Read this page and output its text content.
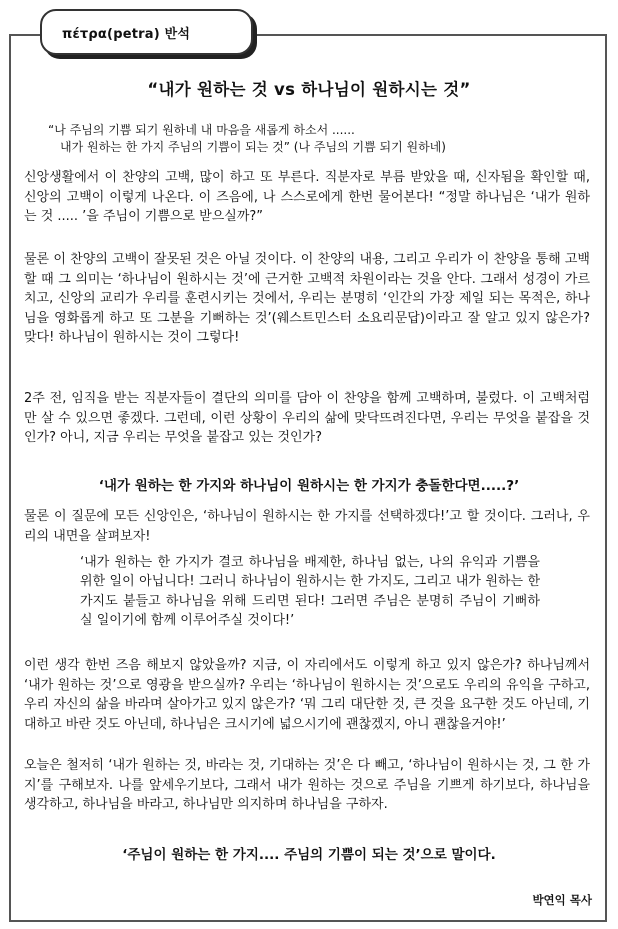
πέτρα(petra) 반석
“내가 원하는 것 vs 하나님이 원하시는 것”
“나 주님의 기쁨 되기 원하네 내 마음을 새롭게 하소서 ......
내가 원하는 한 가지 주님의 기쁨이 되는 것” (나 주님의 기쁨 되기 원하네)
신앙생활에서 이 찬양의 고백, 많이 하고 또 부른다. 직분자로 부름 받았을 때, 신자됨을 확인할 때, 신앙의 고백이 이렇게 나온다. 이 즈음에, 나 스스로에게 한번 물어본다! “정말 하나님은 ‘내가 원하는 것 ..... ’을 주님이 기쁨으로 받으실까?”
물론 이 찬양의 고백이 잘못된 것은 아닐 것이다. 이 찬양의 내용, 그리고 우리가 이 찬양을 통해 고백할 때 그 의미는 ‘하나님이 원하시는 것’에 근거한 고백적 차원이라는 것을 안다. 그래서 성경이 가르치고, 신앙의 교리가 우리를 훈련시키는 것에서, 우리는 분명히 ‘인간의 가장 제일 되는 목적은, 하나님을 영화롭게 하고 또 그분을 기뻐하는 것’(웨스트민스터 소요리문답)이라고 잘 알고 있지 않은가? 맞다! 하나님이 원하시는 것이 그렇다!
2주 전, 임직을 받는 직분자들이 결단의 의미를 담아 이 찬양을 함께 고백하며, 불렀다. 이 고백처럼만 살 수 있으면 좋겠다. 그런데, 이런 상황이 우리의 삶에 맞닥뜨려진다면, 우리는 무엇을 붙잡을 것인가? 아니, 지금 우리는 무엇을 붙잡고 있는 것인가?
‘내가 원하는 한 가지와 하나님이 원하시는 한 가지가 충돌한다면.....?’
물론 이 질문에 모든 신앙인은, ‘하나님이 원하시는 한 가지를 선택하겠다!’고 할 것이다. 그러나, 우리의 내면을 살펴보자!
‘내가 원하는 한 가지가 결코 하나님을 배제한, 하나님 없는, 나의 유익과 기쁨을 위한 일이 아닙니다! 그러니 하나님이 원하시는 한 가지도, 그리고 내가 원하는 한 가지도 붙들고 하나님을 위해 드리면 된다! 그러면 주님은 분명히 주님이 기뻐하실 일이기에 함께 이루어주실 것이다!’
이런 생각 한번 즈음 해보지 않았을까? 지금, 이 자리에서도 이렇게 하고 있지 않은가? 하나님께서 ‘내가 원하는 것’으로 영광을 받으실까? 우리는 ‘하나님이 원하시는 것’으로도 우리의 유익을 구하고, 우리 자신의 삶을 바라며 살아가고 있지 않은가? ‘뭐 그리 대단한 것, 큰 것을 요구한 것도 아닌데, 기대하고 바란 것도 아닌데, 하나님은 크시기에 넓으시기에 괜찮겠지, 아니 괜찮을거야!’
오늘은 철저히 ‘내가 원하는 것, 바라는 것, 기대하는 것’은 다 빼고, ‘하나님이 원하시는 것, 그 한 가지’를 구해보자. 나를 앞세우기보다, 그래서 내가 원하는 것으로 주님을 기쁘게 하기보다, 하나님을 생각하고, 하나님을 바라고, 하나님만 의지하며 하나님을 구하자.
‘주님이 원하는 한 가지.... 주님의 기쁨이 되는 것’으로 말이다.
박연익 목사
